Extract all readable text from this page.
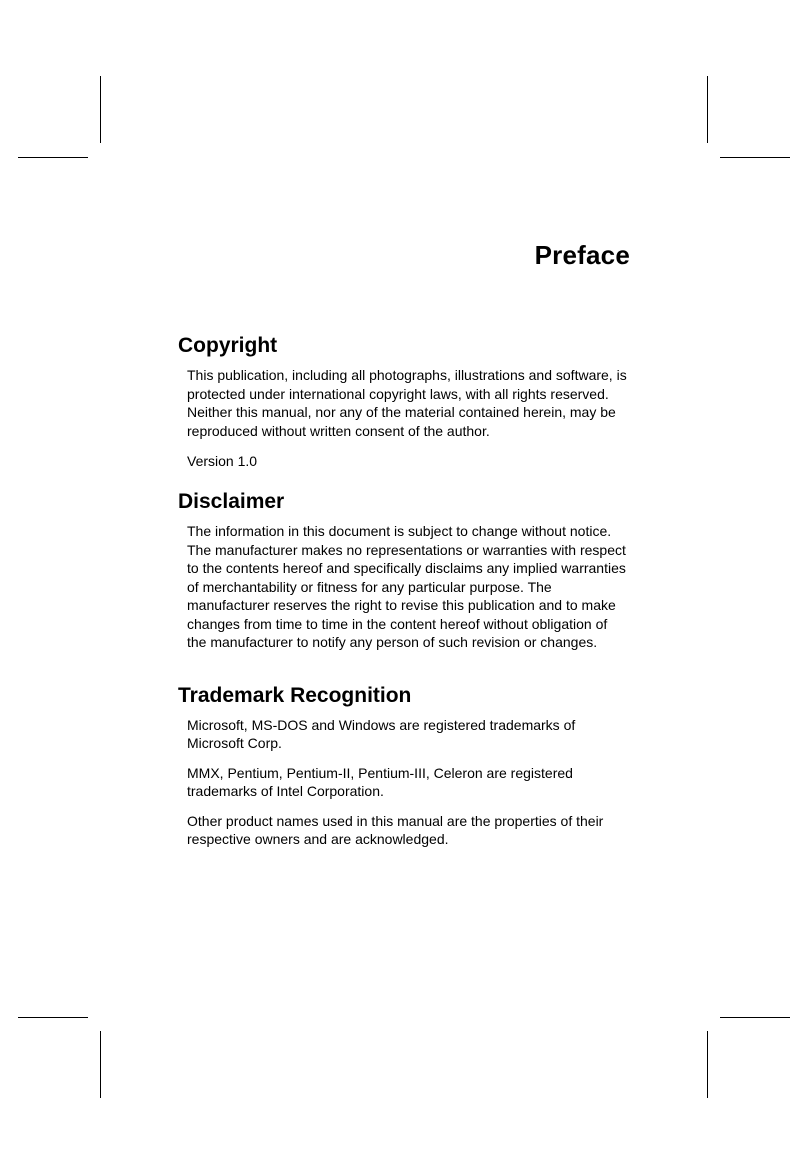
Preface
Copyright

This publication, including all photographs, illustrations and software, is protected under international copyright laws, with all rights reserved. Neither this manual, nor any of the material contained herein, may be reproduced without written consent of the author.

Version 1.0

Disclaimer

The information in this document is subject to change without notice. The manufacturer makes no representations or warranties with respect to the contents hereof and specifically disclaims any implied warranties of merchantability or fitness for any particular purpose. The manufacturer reserves the right to revise this publication and to make changes from time to time in the content hereof without obligation of the manufacturer to notify any person of such revision or changes.

Trademark Recognition

Microsoft, MS-DOS and Windows are registered trademarks of Microsoft Corp.

MMX, Pentium, Pentium-II, Pentium-III, Celeron are registered trademarks of Intel Corporation.

Other product names used in this manual are the properties of their respective owners and are acknowledged.
